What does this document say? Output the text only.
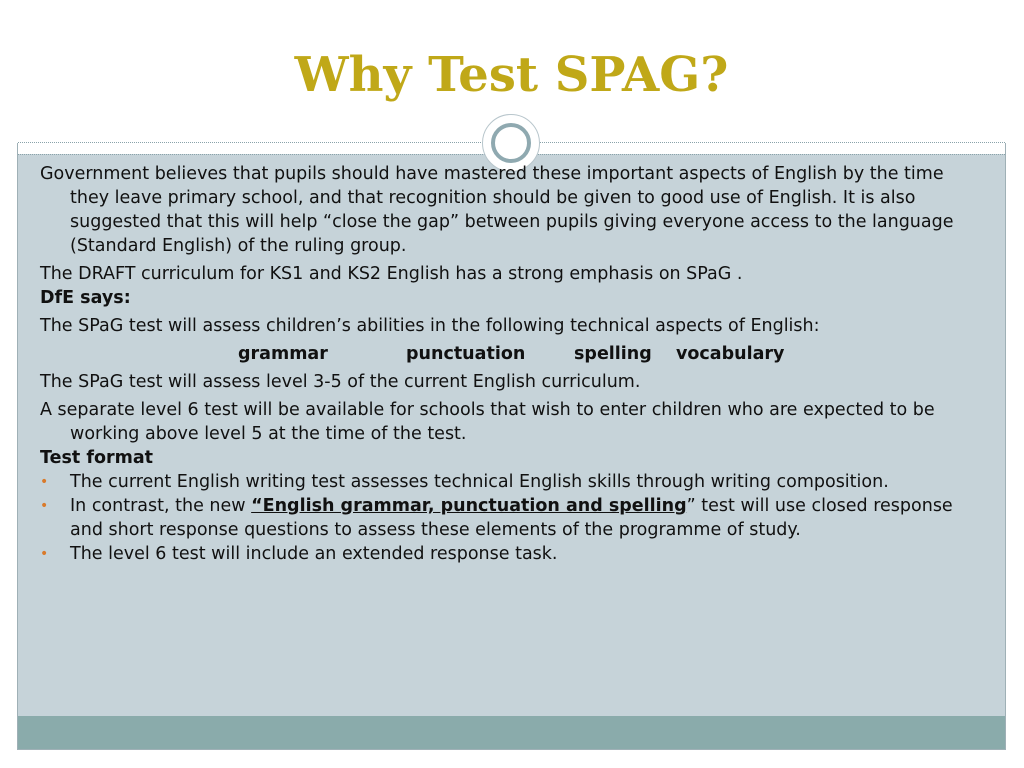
Why Test SPAG?

Government believes that pupils should have mastered these important aspects of English by the time they leave primary school, and that recognition should be given to good use of English. It is also suggested that this will help “close the gap” between pupils giving everyone access to the language (Standard English) of the ruling group.

The DRAFT curriculum for KS1 and KS2 English has a strong emphasis on SPaG .

DfE says:

The SPaG test will assess children’s abilities in the following technical aspects of English:

grammar	punctuation	spelling vocabulary

The SPaG test will assess level 3-5 of the current English curriculum.

A separate level 6 test will be available for schools that wish to enter children who are expected to be working above level 5 at the time of the test.

Test format

• The current English writing test assesses technical English skills through writing composition.

• In contrast, the new “English grammar, punctuation and spelling” test will use closed response and short response questions to assess these elements of the programme of study.

• The level 6 test will include an extended response task.
